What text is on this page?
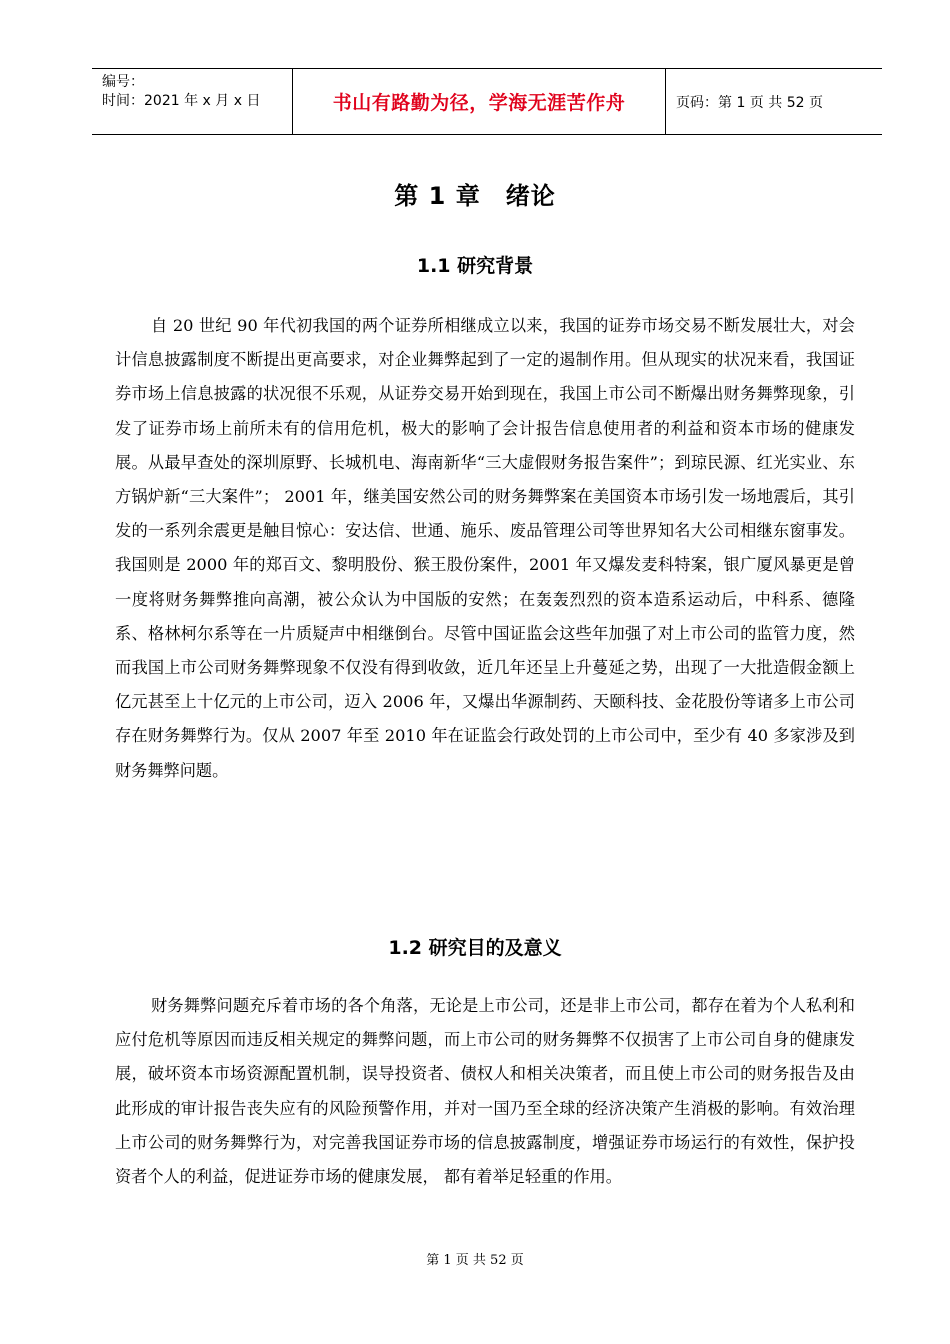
编号：
时间：2021 年 x 月 x 日	书山有路勤为径，学海无涯苦作舟	页码：第 1 页 共 52 页
第 1 章　绪论
1.1 研究背景

自 20 世纪 90 年代初我国的两个证券所相继成立以来，我国的证券市场交易不断发展壮大，对会计信息披露制度不断提出更高要求，对企业舞弊起到了一定的遏制作用。但从现实的状况来看，我国证券市场上信息披露的状况很不乐观，从证券交易开始到现在，我国上市公司不断爆出财务舞弊现象，引发了证券市场上前所未有的信用危机，极大的影响了会计报告信息使用者的利益和资本市场的健康发展。从最早查处的深圳原野、长城机电、海南新华“三大虚假财务报告案件”；到琼民源、红光实业、东方锅炉新“三大案件”； 2001 年，继美国安然公司的财务舞弊案在美国资本市场引发一场地震后，其引发的一系列余震更是触目惊心：安达信、世通、施乐、废品管理公司等世界知名大公司相继东窗事发。我国则是 2000 年的郑百文、黎明股份、猴王股份案件，2001 年又爆发麦科特案，银广厦风暴更是曾一度将财务舞弊推向高潮，被公众认为中国版的安然；在轰轰烈烈的资本造系运动后，中科系、德隆系、格林柯尔系等在一片质疑声中相继倒台。尽管中国证监会这些年加强了对上市公司的监管力度，然而我国上市公司财务舞弊现象不仅没有得到收敛，近几年还呈上升蔓延之势，出现了一大批造假金额上亿元甚至上十亿元的上市公司，迈入 2006 年，又爆出华源制药、天颐科技、金花股份等诸多上市公司存在财务舞弊行为。仅从 2007 年至 2010 年在证监会行政处罚的上市公司中，至少有 40 多家涉及到财务舞弊问题。

1.2 研究目的及意义

财务舞弊问题充斥着市场的各个角落，无论是上市公司，还是非上市公司，都存在着为个人私利和应付危机等原因而违反相关规定的舞弊问题，而上市公司的财务舞弊不仅损害了上市公司自身的健康发展，破坏资本市场资源配置机制，误导投资者、债权人和相关决策者，而且使上市公司的财务报告及由此形成的审计报告丧失应有的风险预警作用，并对一国乃至全球的经济决策产生消极的影响。有效治理上市公司的财务舞弊行为，对完善我国证券市场的信息披露制度，增强证券市场运行的有效性，保护投资者个人的利益，促进证券市场的健康发展， 都有着举足轻重的作用。

第 1 页 共 52 页
